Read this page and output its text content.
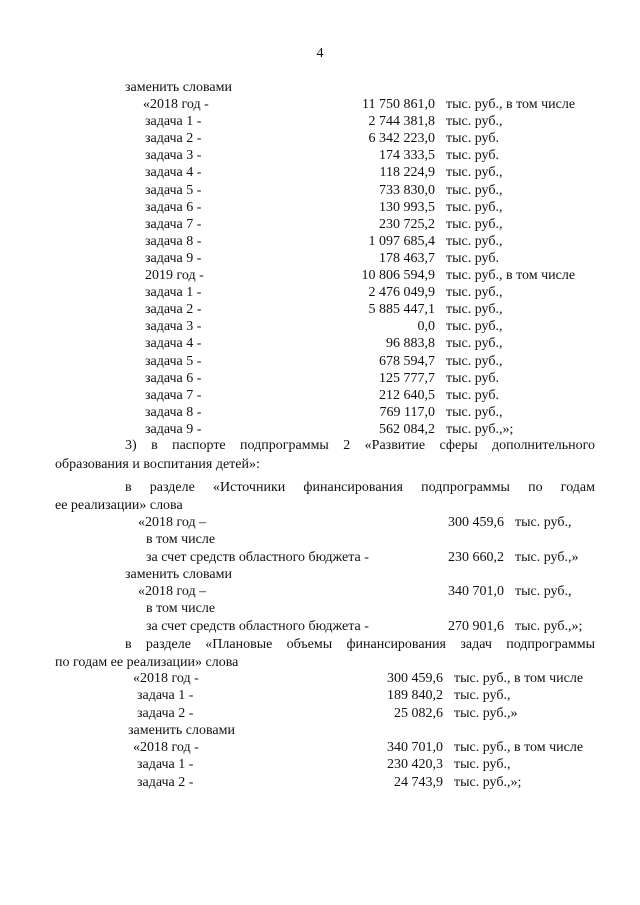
4

заменить словами

«2018 год -	11 750 861,0 тыс. руб., в том числе
задача 1 -	2 744 381,8 тыс. руб.,
задача 2 -	6 342 223,0 тыс. руб.
задача 3 -	174 333,5 тыс. руб.
задача 4 -	118 224,9 тыс. руб.,
задача 5 -	733 830,0 тыс. руб.,
задача 6 -	130 993,5 тыс. руб.,
задача 7 -	230 725,2 тыс. руб.,
задача 8 -	1 097 685,4 тыс. руб.,
задача 9 -	178 463,7 тыс. руб.
2019 год -	10 806 594,9 тыс. руб., в том числе
задача 1 -	2 476 049,9 тыс. руб.,
задача 2 -	5 885 447,1 тыс. руб.,
задача 3 -	0,0 тыс. руб.,
задача 4 -	96 883,8 тыс. руб.,
задача 5 -	678 594,7 тыс. руб.,
задача 6 -	125 777,7 тыс. руб.
задача 7 -	212 640,5 тыс. руб.
задача 8 -	769 117,0 тыс. руб.,
задача 9 -	562 084,2 тыс. руб.,»;
3) в паспорте подпрограммы 2 «Развитие сферы дополнительного
образования и воспитания детей»:
в разделе «Источники финансирования подпрограммы по годам
ее реализации» слова
«2018 год –	300 459,6 тыс. руб.,
в том числе
за счет средств областного бюджета -	230 660,2 тыс. руб.,»

заменить словами

«2018 год –	340 701,0 тыс. руб.,
в том числе
за счет средств областного бюджета -	270 901,6 тыс. руб.,»;
в разделе «Плановые объемы финансирования задач подпрограммы
по годам ее реализации» слова
«2018 год -	300 459,6 тыс. руб., в том числе
задача 1 -	189 840,2 тыс. руб.,
задача 2 -	25 082,6 тыс. руб.,»

заменить словами

«2018 год -	340 701,0 тыс. руб., в том числе
задача 1 -	230 420,3 тыс. руб.,
задача 2 -	24 743,9 тыс. руб.,»;
